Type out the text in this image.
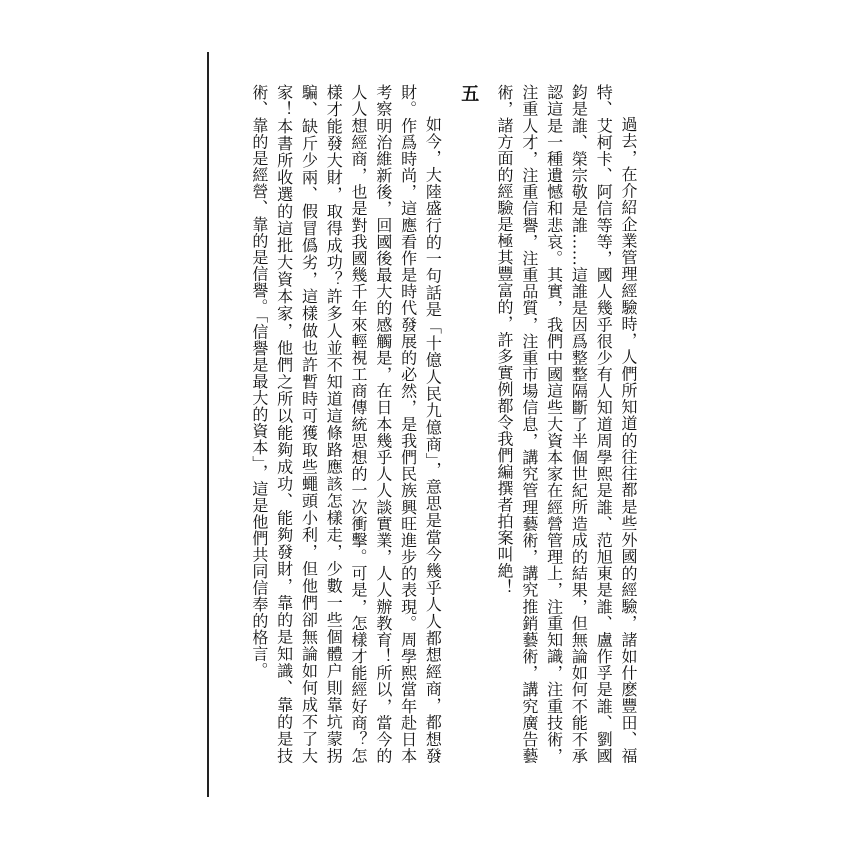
過去，在介紹企業管理經驗時，人們所知道的往往都是些外國的經驗，諸如什麽豐田、福特、艾柯卡、阿信等等，國人幾乎很少有人知道周學熙是誰、范旭東是誰、盧作孚是誰、劉國鈞是誰、榮宗敬是誰……這誰是因爲整整隔斷了半個世紀所造成的結果，但無論如何不能不承認這是一種遺憾和悲哀。其實，我們中國這些大資本家在經營管理上，注重知識，注重技術，注重人才，注重信譽，注重品質，注重市場信息，講究管理藝術，講究推銷藝術，講究廣告藝術，諸方面的經驗是極其豐富的，許多實例都令我們編撰者拍案叫絶！

五

如今，大陸盛行的一句話是「十億人民九億商」，意思是當今幾乎人人都想經商，都想發財。作爲時尚，這應看作是時代發展的必然，是我們民族興旺進步的表現。周學熙當年赴日本考察明治維新後，回國後最大的感觸是，在日本幾乎人人談實業，人人辦教育！所以，當今的人人想經商，也是對我國幾千年來輕視工商傳統思想的一次衝擊。可是，怎樣才能經好商？怎樣才能發大財，取得成功？許多人並不知道這條路應該怎樣走，少數一些個體户則靠坑蒙拐騙、缺斤少兩、假冒僞劣，這樣做也許暫時可獲取些蠅頭小利，但他們卻無論如何成不了大家！本書所收選的這批大資本家，他們之所以能夠成功、能夠發財，靠的是知識、靠的是技術、靠的是經營、靠的是信譽。「信譽是最大的資本」，這是他們共同信奉的格言。
